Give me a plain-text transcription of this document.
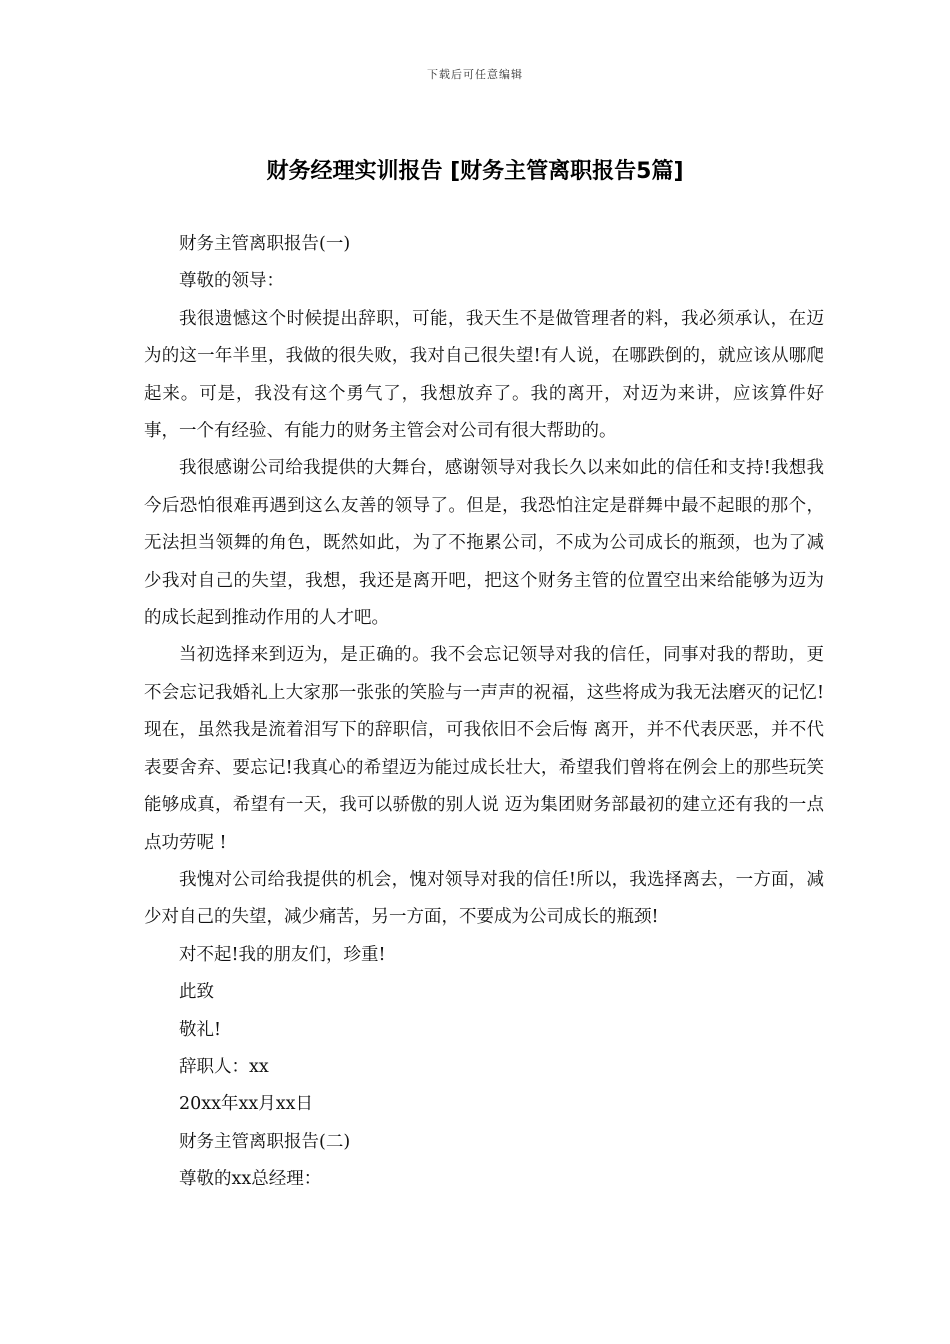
下载后可任意编辑
财务经理实训报告 [财务主管离职报告5篇]

财务主管离职报告(一)

尊敬的领导：

我很遗憾这个时候提出辞职，可能，我天生不是做管理者的料，我必须承认，在迈为的这一年半里，我做的很失败，我对自己很失望!有人说，在哪跌倒的，就应该从哪爬起来。可是，我没有这个勇气了，我想放弃了。我的离开，对迈为来讲，应该算件好事，一个有经验、有能力的财务主管会对公司有很大帮助的。

我很感谢公司给我提供的大舞台，感谢领导对我长久以来如此的信任和支持!我想我今后恐怕很难再遇到这么友善的领导了。但是，我恐怕注定是群舞中最不起眼的那个，无法担当领舞的角色，既然如此，为了不拖累公司，不成为公司成长的瓶颈，也为了减少我对自己的失望，我想，我还是离开吧，把这个财务主管的位置空出来给能够为迈为的成长起到推动作用的人才吧。

当初选择来到迈为，是正确的。我不会忘记领导对我的信任，同事对我的帮助，更不会忘记我婚礼上大家那一张张的笑脸与一声声的祝福，这些将成为我无法磨灭的记忆!现在，虽然我是流着泪写下的辞职信，可我依旧不会后悔 离开，并不代表厌恶，并不代表要舍弃、要忘记!我真心的希望迈为能过成长壮大，希望我们曾将在例会上的那些玩笑能够成真，希望有一天，我可以骄傲的别人说 迈为集团财务部最初的建立还有我的一点点功劳呢 !

我愧对公司给我提供的机会，愧对领导对我的信任!所以，我选择离去，一方面，减少对自己的失望，减少痛苦，另一方面，不要成为公司成长的瓶颈!

对不起!我的朋友们，珍重!

此致

敬礼!

辞职人：xx

20xx年xx月xx日

财务主管离职报告(二)

尊敬的xx总经理：
